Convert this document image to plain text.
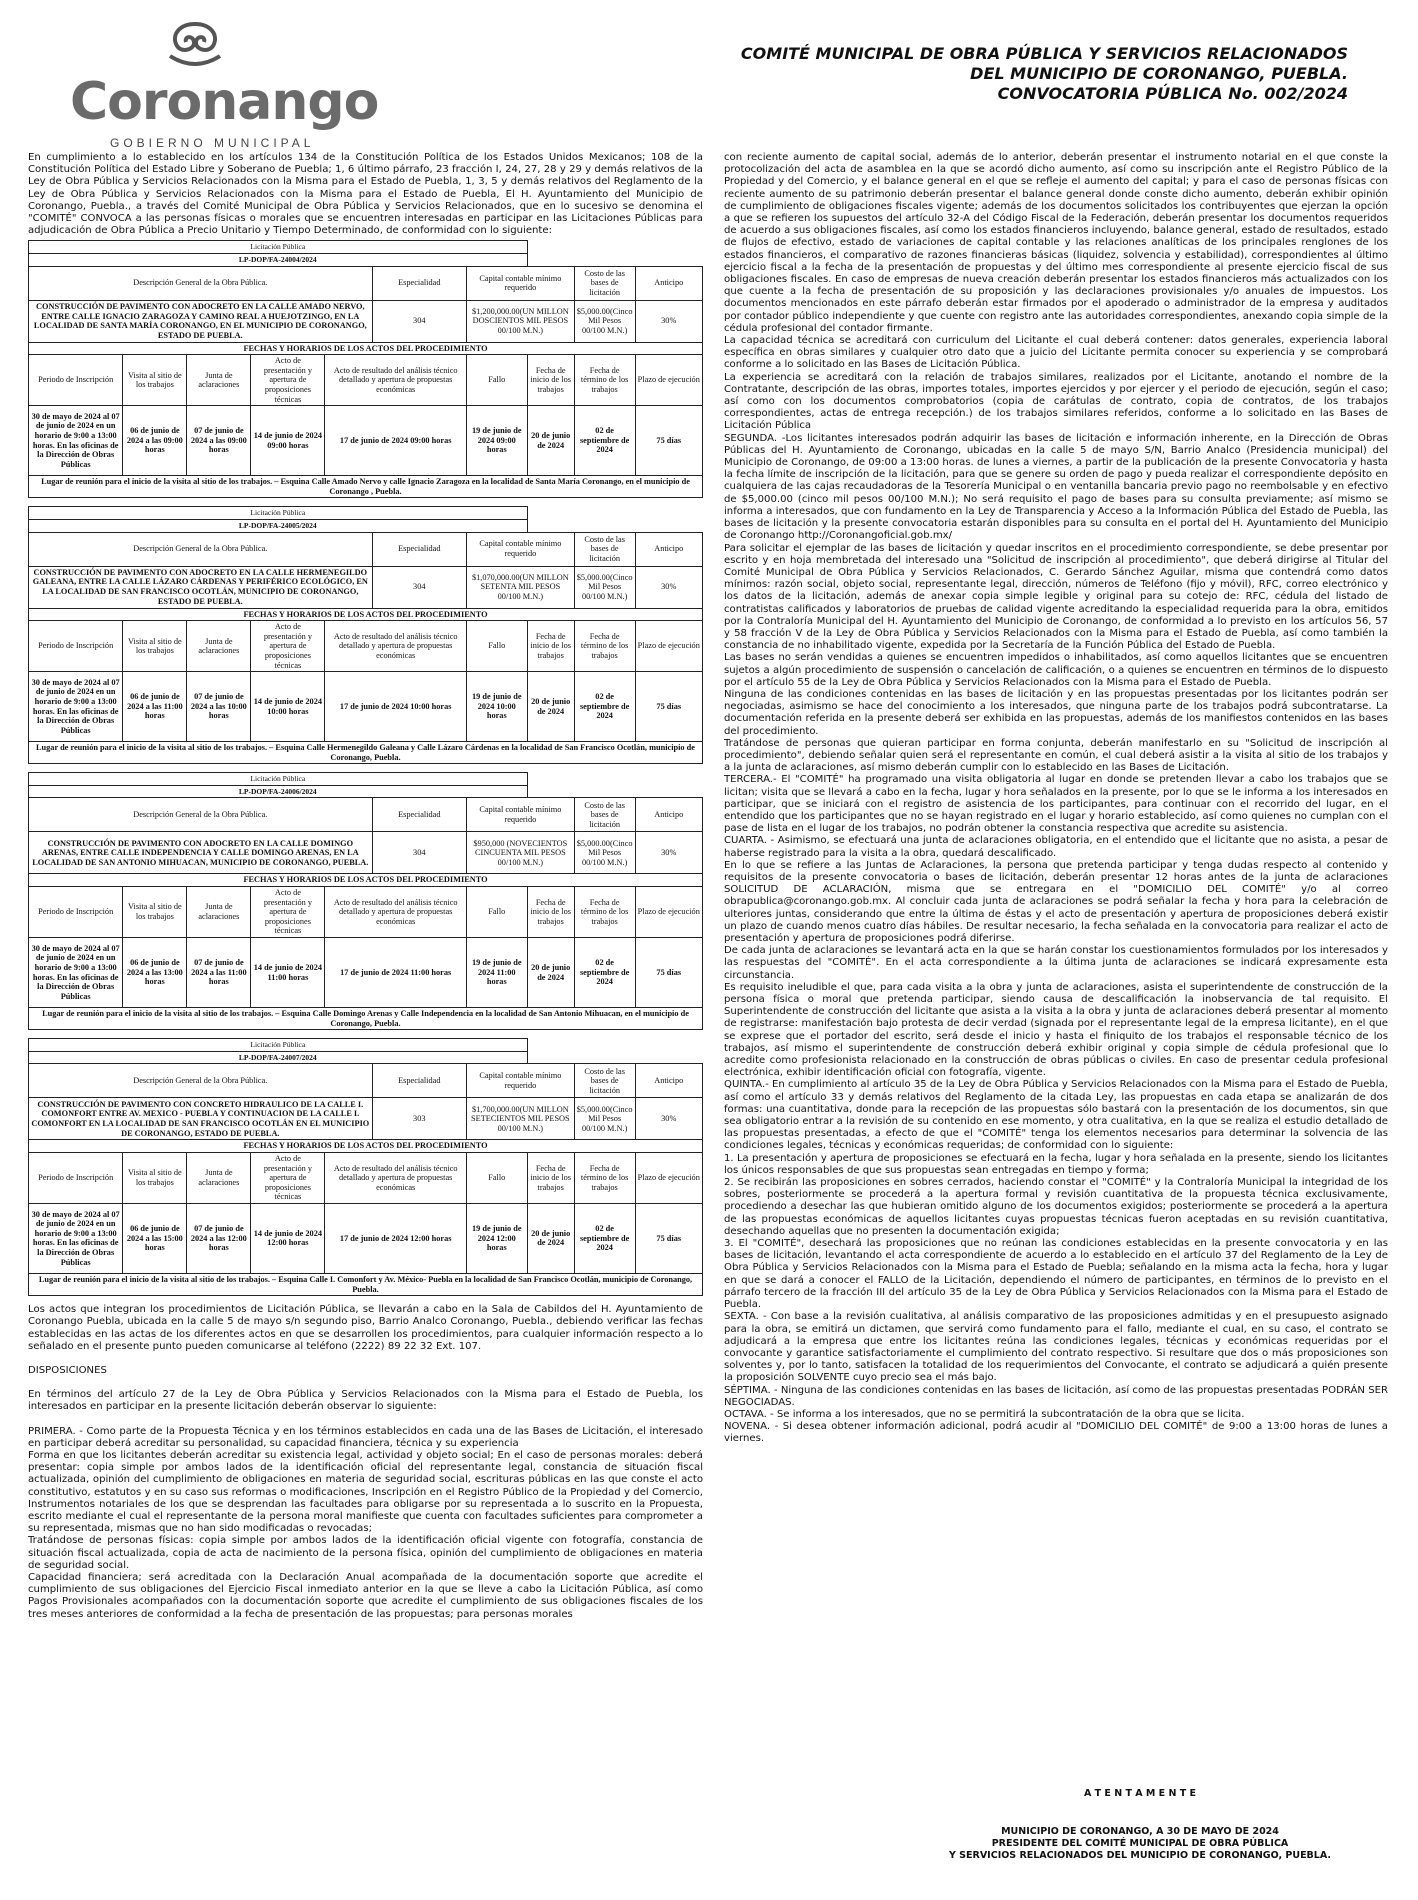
Coronango
GOBIERNO MUNICIPAL
COMITÉ MUNICIPAL DE OBRA PÚBLICA Y SERVICIOS RELACIONADOS
DEL MUNICIPIO DE CORONANGO, PUEBLA.
CONVOCATORIA PÚBLICA No. 002/2024

En cumplimiento a lo establecido en los artículos 134 de la Constitución Política de los Estados Unidos Mexicanos; 108 de la Constitución Política del Estado Libre y Soberano de Puebla; 1, 6 último párrafo, 23 fracción I, 24, 27, 28 y 29 y demás relativos de la Ley de Obra Pública y Servicios Relacionados con la Misma para el Estado de Puebla, 1, 3, 5 y demás relativos del Reglamento de la Ley de Obra Pública y Servicios Relacionados con la Misma para el Estado de Puebla, El H. Ayuntamiento del Municipio de Coronango, Puebla., a través del Comité Municipal de Obra Pública y Servicios Relacionados, que en lo sucesivo se denomina el "COMITÉ" CONVOCA a las personas físicas o morales que se encuentren interesadas en participar en las Licitaciones Públicas para adjudicación de Obra Pública a Precio Unitario y Tiempo Determinado, de conformidad con lo siguiente:

Licitación Pública									
LP-DOP/FA-24004/2024									
Descripción General de la Obra Pública.					Especialidad	Capital contable mínimo requerido		Costo de las bases de licitación	Anticipo
CONSTRUCCIÓN DE PAVIMENTO CON ADOCRETO EN LA CALLE AMADO NERVO, ENTRE CALLE IGNACIO ZARAGOZA Y CAMINO REAL A HUEJOTZINGO, EN LA LOCALIDAD DE SANTA MARÍA CORONANGO, EN EL MUNICIPIO DE CORONANGO, ESTADO DE PUEBLA.					304	$1,200,000.00(UN MILLON DOSCIENTOS MIL PESOS 00/100 M.N.)		$5,000.00(Cinco Mil Pesos 00/100 M.N.)	30%
FECHAS Y HORARIOS DE LOS ACTOS DEL PROCEDIMIENTO									
Periodo de Inscripción	Visita al sitio de los trabajos	Junta de aclaraciones	Acto de presentación y apertura de proposiciones técnicas	Acto de resultado del análisis técnico detallado y apertura de propuestas económicas		Fallo	Fecha de inicio de los trabajos	Fecha de término de los trabajos	Plazo de ejecución
30 de mayo de 2024 al 07 de junio de 2024 en un horario de 9:00 a 13:00 horas. En las oficinas de la Dirección de Obras Públicas	06 de junio de 2024 a las 09:00 horas	07 de junio de 2024 a las 09:00 horas	14 de junio de 2024 09:00 horas	17 de junio de 2024 09:00 horas		19 de junio de 2024 09:00 horas	20 de junio de 2024	02 de septiembre de 2024	75 días
Lugar de reunión para el inicio de la visita al sitio de los trabajos. – Esquina Calle Amado Nervo y calle Ignacio Zaragoza en la localidad de Santa María Coronango, en el municipio de Coronango , Puebla.									
Licitación Pública									
LP-DOP/FA-24005/2024									
Descripción General de la Obra Pública.					Especialidad	Capital contable mínimo requerido		Costo de las bases de licitación	Anticipo
CONSTRUCCIÓN DE PAVIMENTO CON ADOCRETO EN LA CALLE HERMENEGILDO GALEANA, ENTRE LA CALLE LÁZARO CÁRDENAS Y PERIFÉRICO ECOLÓGICO, EN LA LOCALIDAD DE SAN FRANCISCO OCOTLÁN, MUNICIPIO DE CORONANGO, ESTADO DE PUEBLA.					304	$1,070,000.00(UN MILLON SETENTA MIL PESOS 00/100 M.N.)		$5,000.00(Cinco Mil Pesos 00/100 M.N.)	30%
FECHAS Y HORARIOS DE LOS ACTOS DEL PROCEDIMIENTO									
Periodo de Inscripción	Visita al sitio de los trabajos	Junta de aclaraciones	Acto de presentación y apertura de proposiciones técnicas	Acto de resultado del análisis técnico detallado y apertura de propuestas económicas		Fallo	Fecha de inicio de los trabajos	Fecha de término de los trabajos	Plazo de ejecución
30 de mayo de 2024 al 07 de junio de 2024 en un horario de 9:00 a 13:00 horas. En las oficinas de la Dirección de Obras Públicas	06 de junio de 2024 a las 11:00 horas	07 de junio de 2024 a las 10:00 horas	14 de junio de 2024 10:00 horas	17 de junio de 2024 10:00 horas		19 de junio de 2024 10:00 horas	20 de junio de 2024	02 de septiembre de 2024	75 días
Lugar de reunión para el inicio de la visita al sitio de los trabajos. – Esquina Calle Hermenegildo Galeana y Calle Lázaro Cárdenas en la localidad de San Francisco Ocotlán, municipio de Coronango, Puebla.									
Licitación Pública									
LP-DOP/FA-24006/2024									
Descripción General de la Obra Pública.					Especialidad	Capital contable mínimo requerido		Costo de las bases de licitación	Anticipo
CONSTRUCCIÓN DE PAVIMENTO CON ADOCRETO EN LA CALLE DOMINGO ARENAS, ENTRE CALLE INDEPENDENCIA Y CALLE DOMINGO ARENAS, EN LA LOCALIDAD DE SAN ANTONIO MIHUACAN, MUNICIPIO DE CORONANGO, PUEBLA.					304	$950,000 (NOVECIENTOS CINCUENTA MIL PESOS 00/100 M.N.)		$5,000.00(Cinco Mil Pesos 00/100 M.N.)	30%
FECHAS Y HORARIOS DE LOS ACTOS DEL PROCEDIMIENTO									
Periodo de Inscripción	Visita al sitio de los trabajos	Junta de aclaraciones	Acto de presentación y apertura de proposiciones técnicas	Acto de resultado del análisis técnico detallado y apertura de propuestas económicas		Fallo	Fecha de inicio de los trabajos	Fecha de término de los trabajos	Plazo de ejecución
30 de mayo de 2024 al 07 de junio de 2024 en un horario de 9:00 a 13:00 horas. En las oficinas de la Dirección de Obras Públicas	06 de junio de 2024 a las 13:00 horas	07 de junio de 2024 a las 11:00 horas	14 de junio de 2024 11:00 horas	17 de junio de 2024 11:00 horas		19 de junio de 2024 11:00 horas	20 de junio de 2024	02 de septiembre de 2024	75 días
Lugar de reunión para el inicio de la visita al sitio de los trabajos. – Esquina Calle Domingo Arenas y Calle Independencia en la localidad de San Antonio Mihuacan, en el municipio de Coronango, Puebla.									
Licitación Pública									
LP-DOP/FA-24007/2024									
Descripción General de la Obra Pública.					Especialidad	Capital contable mínimo requerido		Costo de las bases de licitación	Anticipo
CONSTRUCCIÓN DE PAVIMENTO CON CONCRETO HIDRAULICO DE LA CALLE I. COMONFORT ENTRE AV. MEXICO - PUEBLA Y CONTINUACION DE LA CALLE I. COMONFORT EN LA LOCALIDAD DE SAN FRANCISCO OCOTLÁN EN EL MUNICIPIO DE CORONANGO, ESTADO DE PUEBLA.					303	$1,700,000.00(UN MILLON SETECIENTOS MIL PESOS 00/100 M.N.)		$5,000.00(Cinco Mil Pesos 00/100 M.N.)	30%
FECHAS Y HORARIOS DE LOS ACTOS DEL PROCEDIMIENTO									
Periodo de Inscripción	Visita al sitio de los trabajos	Junta de aclaraciones	Acto de presentación y apertura de proposiciones técnicas	Acto de resultado del análisis técnico detallado y apertura de propuestas económicas		Fallo	Fecha de inicio de los trabajos	Fecha de término de los trabajos	Plazo de ejecución
30 de mayo de 2024 al 07 de junio de 2024 en un horario de 9:00 a 13:00 horas. En las oficinas de la Dirección de Obras Públicas	06 de junio de 2024 a las 15:00 horas	07 de junio de 2024 a las 12:00 horas	14 de junio de 2024 12:00 horas	17 de junio de 2024 12:00 horas		19 de junio de 2024 12:00 horas	20 de junio de 2024	02 de septiembre de 2024	75 días
Lugar de reunión para el inicio de la visita al sitio de los trabajos. – Esquina Calle I. Comonfort y Av. México- Puebla en la localidad de San Francisco Ocotlán, municipio de Coronango, Puebla.									

Los actos que integran los procedimientos de Licitación Pública, se llevarán a cabo en la Sala de Cabildos del H. Ayuntamiento de Coronango Puebla, ubicada en la calle 5 de mayo s/n segundo piso, Barrio Analco Coronango, Puebla., debiendo verificar las fechas establecidas en las actas de los diferentes actos en que se desarrollen los procedimientos, para cualquier información respecto a lo señalado en el presente punto pueden comunicarse al teléfono (2222) 89 22 32 Ext. 107.

DISPOSICIONES

En términos del artículo 27 de la Ley de Obra Pública y Servicios Relacionados con la Misma para el Estado de Puebla, los interesados en participar en la presente licitación deberán observar lo siguiente:

PRIMERA. - Como parte de la Propuesta Técnica y en los términos establecidos en cada una de las Bases de Licitación, el interesado en participar deberá acreditar su personalidad, su capacidad financiera, técnica y su experiencia

Forma en que los licitantes deberán acreditar su existencia legal, actividad y objeto social; En el caso de personas morales: deberá presentar: copia simple por ambos lados de la identificación oficial del representante legal, constancia de situación fiscal actualizada, opinión del cumplimiento de obligaciones en materia de seguridad social, escrituras públicas en las que conste el acto constitutivo, estatutos y en su caso sus reformas o modificaciones, Inscripción en el Registro Público de la Propiedad y del Comercio, Instrumentos notariales de los que se desprendan las facultades para obligarse por su representada a lo suscrito en la Propuesta, escrito mediante el cual el representante de la persona moral manifieste que cuenta con facultades suficientes para comprometer a su representada, mismas que no han sido modificadas o revocadas;

Tratándose de personas físicas: copia simple por ambos lados de la identificación oficial vigente con fotografía, constancia de situación fiscal actualizada, copia de acta de nacimiento de la persona física, opinión del cumplimiento de obligaciones en materia de seguridad social.

Capacidad financiera; será acreditada con la Declaración Anual acompañada de la documentación soporte que acredite el cumplimiento de sus obligaciones del Ejercicio Fiscal inmediato anterior en la que se lleve a cabo la Licitación Pública, así como Pagos Provisionales acompañados con la documentación soporte que acredite el cumplimiento de sus obligaciones fiscales de los tres meses anteriores de conformidad a la fecha de presentación de las propuestas; para personas morales

con reciente aumento de capital social, además de lo anterior, deberán presentar el instrumento notarial en el que conste la protocolización del acta de asamblea en la que se acordó dicho aumento, así como su inscripción ante el Registro Público de la Propiedad y del Comercio, y el balance general en el que se refleje el aumento del capital; y para el caso de personas físicas con reciente aumento de su patrimonio deberán presentar el balance general donde conste dicho aumento, deberán exhibir opinión de cumplimiento de obligaciones fiscales vigente; además de los documentos solicitados los contribuyentes que ejerzan la opción a que se refieren los supuestos del artículo 32-A del Código Fiscal de la Federación, deberán presentar los documentos requeridos de acuerdo a sus obligaciones fiscales, así como los estados financieros incluyendo, balance general, estado de resultados, estado de flujos de efectivo, estado de variaciones de capital contable y las relaciones analíticas de los principales renglones de los estados financieros, el comparativo de razones financieras básicas (liquidez, solvencia y estabilidad), correspondientes al último ejercicio fiscal a la fecha de la presentación de propuestas y del último mes correspondiente al presente ejercicio fiscal de sus obligaciones fiscales. En caso de empresas de nueva creación deberán presentar los estados financieros más actualizados con los que cuente a la fecha de presentación de su proposición y las declaraciones provisionales y/o anuales de impuestos. Los documentos mencionados en este párrafo deberán estar firmados por el apoderado o administrador de la empresa y auditados por contador público independiente y que cuente con registro ante las autoridades correspondientes, anexando copia simple de la cédula profesional del contador firmante.

La capacidad técnica se acreditará con curriculum del Licitante el cual deberá contener: datos generales, experiencia laboral específica en obras similares y cualquier otro dato que a juicio del Licitante permita conocer su experiencia y se comprobará conforme a lo solicitado en las Bases de Licitación Pública.

La experiencia se acreditará con la relación de trabajos similares, realizados por el Licitante, anotando el nombre de la Contratante, descripción de las obras, importes totales, importes ejercidos y por ejercer y el periodo de ejecución, según el caso; así como con los documentos comprobatorios (copia de carátulas de contrato, copia de contratos, de los trabajos correspondientes, actas de entrega recepción.) de los trabajos similares referidos, conforme a lo solicitado en las Bases de Licitación Pública

SEGUNDA. -Los licitantes interesados podrán adquirir las bases de licitación e información inherente, en la Dirección de Obras Públicas del H. Ayuntamiento de Coronango, ubicadas en la calle 5 de mayo S/N, Barrio Analco (Presidencia municipal) del Municipio de Coronango, de 09:00 a 13:00 horas. de lunes a viernes, a partir de la publicación de la presente Convocatoria y hasta la fecha límite de inscripción de la licitación, para que se genere su orden de pago y pueda realizar el correspondiente depósito en cualquiera de las cajas recaudadoras de la Tesorería Municipal o en ventanilla bancaria previo pago no reembolsable y en efectivo de $5,000.00 (cinco mil pesos 00/100 M.N.); No será requisito el pago de bases para su consulta previamente; así mismo se informa a interesados, que con fundamento en la Ley de Transparencia y Acceso a la Información Pública del Estado de Puebla, las bases de licitación y la presente convocatoria estarán disponibles para su consulta en el portal del H. Ayuntamiento del Municipio de Coronango http://Coronangoficial.gob.mx/

Para solicitar el ejemplar de las bases de licitación y quedar inscritos en el procedimiento correspondiente, se debe presentar por escrito y en hoja membretada del interesado una "Solicitud de inscripción al procedimiento", que deberá dirigirse al Titular del Comité Municipal de Obra Pública y Servicios Relacionados, C. Gerardo Sánchez Aguilar, misma que contendrá como datos mínimos: razón social, objeto social, representante legal, dirección, números de Teléfono (fijo y móvil), RFC, correo electrónico y los datos de la licitación, además de anexar copia simple legible y original para su cotejo de: RFC, cédula del listado de contratistas calificados y laboratorios de pruebas de calidad vigente acreditando la especialidad requerida para la obra, emitidos por la Contraloría Municipal del H. Ayuntamiento del Municipio de Coronango, de conformidad a lo previsto en los artículos 56, 57 y 58 fracción V de la Ley de Obra Pública y Servicios Relacionados con la Misma para el Estado de Puebla, así como también la constancia de no inhabilitado vigente, expedida por la Secretaría de la Función Pública del Estado de Puebla.

Las bases no serán vendidas a quienes se encuentren impedidos o inhabilitados, así como aquellos licitantes que se encuentren sujetos a algún procedimiento de suspensión o cancelación de calificación, o a quienes se encuentren en términos de lo dispuesto por el artículo 55 de la Ley de Obra Pública y Servicios Relacionados con la Misma para el Estado de Puebla.

Ninguna de las condiciones contenidas en las bases de licitación y en las propuestas presentadas por los licitantes podrán ser negociadas, asimismo se hace del conocimiento a los interesados, que ninguna parte de los trabajos podrá subcontratarse. La documentación referida en la presente deberá ser exhibida en las propuestas, además de los manifiestos contenidos en las bases del procedimiento.

Tratándose de personas que quieran participar en forma conjunta, deberán manifestarlo en su "Solicitud de inscripción al procedimiento", debiendo señalar quien será el representante en común, el cual deberá asistir a la visita al sitio de los trabajos y a la junta de aclaraciones, así mismo deberán cumplir con lo establecido en las Bases de Licitación.

TERCERA.- El "COMITÉ" ha programado una visita obligatoria al lugar en donde se pretenden llevar a cabo los trabajos que se licitan; visita que se llevará a cabo en la fecha, lugar y hora señalados en la presente, por lo que se le informa a los interesados en participar, que se iniciará con el registro de asistencia de los participantes, para continuar con el recorrido del lugar, en el entendido que los participantes que no se hayan registrado en el lugar y horario establecido, así como quienes no cumplan con el pase de lista en el lugar de los trabajos, no podrán obtener la constancia respectiva que acredite su asistencia.

CUARTA. - Asimismo, se efectuará una junta de aclaraciones obligatoria, en el entendido que el licitante que no asista, a pesar de haberse registrado para la visita a la obra, quedará descalificado.

En lo que se refiere a las Juntas de Aclaraciones, la persona que pretenda participar y tenga dudas respecto al contenido y requisitos de la presente convocatoria o bases de licitación, deberán presentar 12 horas antes de la junta de aclaraciones SOLICITUD DE ACLARACIÓN, misma que se entregara en el "DOMICILIO DEL COMITÉ" y/o al correo obrapublica@coronango.gob.mx. Al concluir cada junta de aclaraciones se podrá señalar la fecha y hora para la celebración de ulteriores juntas, considerando que entre la última de éstas y el acto de presentación y apertura de proposiciones deberá existir un plazo de cuando menos cuatro días hábiles. De resultar necesario, la fecha señalada en la convocatoria para realizar el acto de presentación y apertura de proposiciones podrá diferirse.

De cada junta de aclaraciones se levantará acta en la que se harán constar los cuestionamientos formulados por los interesados y las respuestas del "COMITÉ". En el acta correspondiente a la última junta de aclaraciones se indicará expresamente esta circunstancia.

Es requisito ineludible el que, para cada visita a la obra y junta de aclaraciones, asista el superintendente de construcción de la persona física o moral que pretenda participar, siendo causa de descalificación la inobservancia de tal requisito. El Superintendente de construcción del licitante que asista a la visita a la obra y junta de aclaraciones deberá presentar al momento de registrarse: manifestación bajo protesta de decir verdad (signada por el representante legal de la empresa licitante), en el que se exprese que el portador del escrito, será desde el inicio y hasta el finiquito de los trabajos el responsable técnico de los trabajos, así mismo el superintendente de construcción deberá exhibir original y copia simple de cédula profesional que lo acredite como profesionista relacionado en la construcción de obras públicas o civiles. En caso de presentar cedula profesional electrónica, exhibir identificación oficial con fotografía, vigente.

QUINTA.- En cumplimiento al artículo 35 de la Ley de Obra Pública y Servicios Relacionados con la Misma para el Estado de Puebla, así como el artículo 33 y demás relativos del Reglamento de la citada Ley, las propuestas en cada etapa se analizarán de dos formas: una cuantitativa, donde para la recepción de las propuestas sólo bastará con la presentación de los documentos, sin que sea obligatorio entrar a la revisión de su contenido en ese momento, y otra cualitativa, en la que se realiza el estudio detallado de las propuestas presentadas, a efecto de que el "COMITÉ" tenga los elementos necesarios para determinar la solvencia de las condiciones legales, técnicas y económicas requeridas; de conformidad con lo siguiente:

1. La presentación y apertura de proposiciones se efectuará en la fecha, lugar y hora señalada en la presente, siendo los licitantes los únicos responsables de que sus propuestas sean entregadas en tiempo y forma;

2. Se recibirán las proposiciones en sobres cerrados, haciendo constar el "COMITÉ" y la Contraloría Municipal la integridad de los sobres, posteriormente se procederá a la apertura formal y revisión cuantitativa de la propuesta técnica exclusivamente, procediendo a desechar las que hubieran omitido alguno de los documentos exigidos; posteriormente se procederá a la apertura de las propuestas económicas de aquellos licitantes cuyas propuestas técnicas fueron aceptadas en su revisión cuantitativa, desechando aquellas que no presenten la documentación exigida;

3. El "COMITÉ", desechará las proposiciones que no reúnan las condiciones establecidas en la presente convocatoria y en las bases de licitación, levantando el acta correspondiente de acuerdo a lo establecido en el artículo 37 del Reglamento de la Ley de Obra Pública y Servicios Relacionados con la Misma para el Estado de Puebla; señalando en la misma acta la fecha, hora y lugar en que se dará a conocer el FALLO de la Licitación, dependiendo el número de participantes, en términos de lo previsto en el párrafo tercero de la fracción III del artículo 35 de la Ley de Obra Pública y Servicios Relacionados con la Misma para el Estado de Puebla.

SEXTA. - Con base a la revisión cualitativa, al análisis comparativo de las proposiciones admitidas y en el presupuesto asignado para la obra, se emitirá un dictamen, que servirá como fundamento para el fallo, mediante el cual, en su caso, el contrato se adjudicará a la empresa que entre los licitantes reúna las condiciones legales, técnicas y económicas requeridas por el convocante y garantice satisfactoriamente el cumplimiento del contrato respectivo. Si resultare que dos o más proposiciones son solventes y, por lo tanto, satisfacen la totalidad de los requerimientos del Convocante, el contrato se adjudicará a quién presente la proposición SOLVENTE cuyo precio sea el más bajo.

SÉPTIMA. - Ninguna de las condiciones contenidas en las bases de licitación, así como de las propuestas presentadas PODRÁN SER NEGOCIADAS.

OCTAVA. - Se informa a los interesados, que no se permitirá la subcontratación de la obra que se licita.

NOVENA. - Si desea obtener información adicional, podrá acudir al "DOMICILIO DEL COMITÉ" de 9:00 a 13:00 horas de lunes a viernes.

A T E N T A M E N T E
MUNICIPIO DE CORONANGO, A 30 DE MAYO DE 2024
PRESIDENTE DEL COMITÉ MUNICIPAL DE OBRA PÚBLICA
Y SERVICIOS RELACIONADOS DEL MUNICIPIO DE CORONANGO, PUEBLA.
